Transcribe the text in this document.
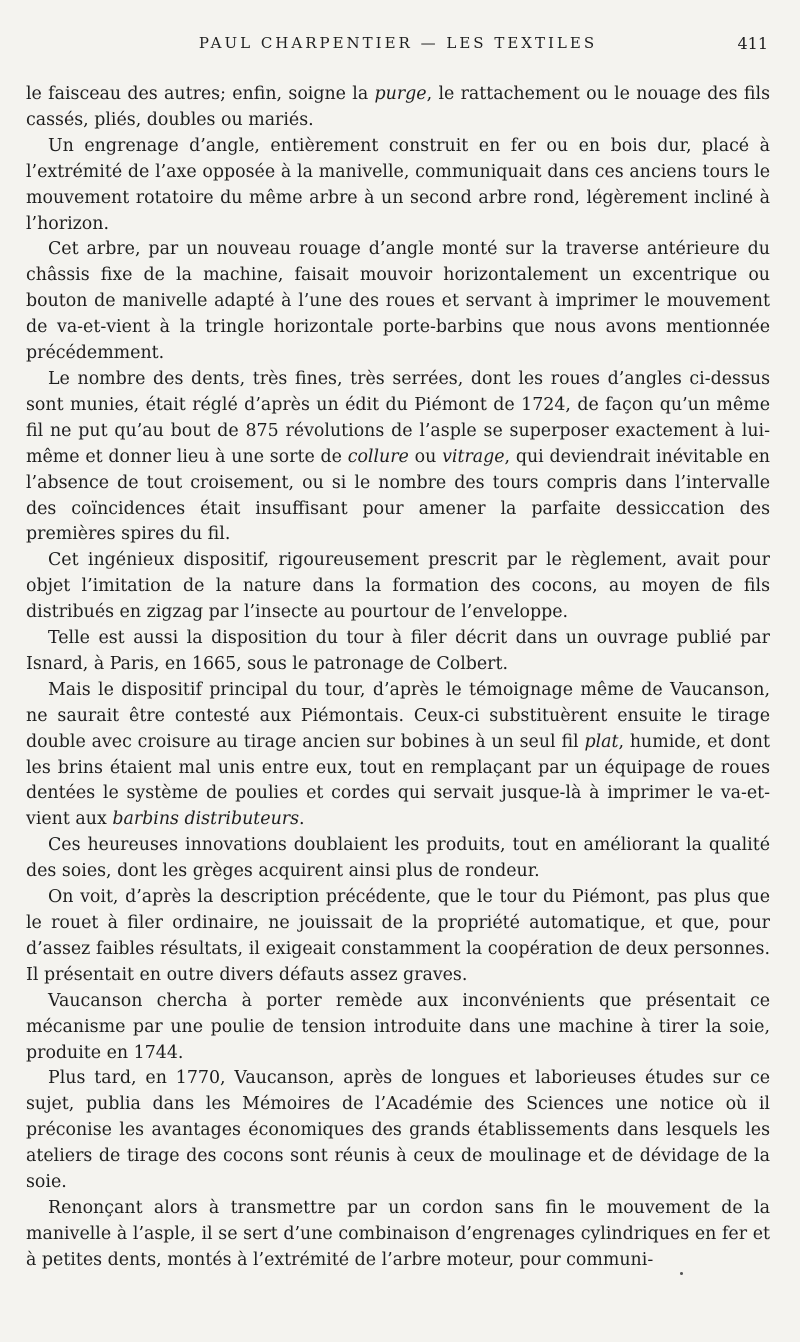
PAUL CHARPENTIER — LES TEXTILES	411

le faisceau des autres; enfin, soigne la purge, le rattachement ou le nouage des fils cassés, pliés, doubles ou mariés.

Un engrenage d’angle, entièrement construit en fer ou en bois dur, placé à l’extrémité de l’axe opposée à la manivelle, communiquait dans ces anciens tours le mouvement rotatoire du même arbre à un second arbre rond, légèrement incliné à l’horizon.

Cet arbre, par un nouveau rouage d’angle monté sur la traverse antérieure du châssis fixe de la machine, faisait mouvoir horizontalement un excentrique ou bouton de manivelle adapté à l’une des roues et servant à imprimer le mouvement de va-et-vient à la tringle horizontale porte-barbins que nous avons mentionnée précédemment.

Le nombre des dents, très fines, très serrées, dont les roues d’angles ci-dessus sont munies, était réglé d’après un édit du Piémont de 1724, de façon qu’un même fil ne put qu’au bout de 875 révolutions de l’asple se superposer exactement à lui-même et donner lieu à une sorte de collure ou vitrage, qui deviendrait inévitable en l’absence de tout croisement, ou si le nombre des tours compris dans l’intervalle des coïncidences était insuffisant pour amener la parfaite dessiccation des premières spires du fil.

Cet ingénieux dispositif, rigoureusement prescrit par le règlement, avait pour objet l’imitation de la nature dans la formation des cocons, au moyen de fils distribués en zigzag par l’insecte au pourtour de l’enveloppe.

Telle est aussi la disposition du tour à filer décrit dans un ouvrage publié par Isnard, à Paris, en 1665, sous le patronage de Colbert.

Mais le dispositif principal du tour, d’après le témoignage même de Vaucanson, ne saurait être contesté aux Piémontais. Ceux-ci substituèrent ensuite le tirage double avec croisure au tirage ancien sur bobines à un seul fil plat, humide, et dont les brins étaient mal unis entre eux, tout en remplaçant par un équipage de roues dentées le système de poulies et cordes qui servait jusque-là à imprimer le va-et-vient aux barbins distributeurs.

Ces heureuses innovations doublaient les produits, tout en améliorant la qualité des soies, dont les grèges acquirent ainsi plus de rondeur.

On voit, d’après la description précédente, que le tour du Piémont, pas plus que le rouet à filer ordinaire, ne jouissait de la propriété automatique, et que, pour d’assez faibles résultats, il exigeait constamment la coopération de deux personnes. Il présentait en outre divers défauts assez graves.

Vaucanson chercha à porter remède aux inconvénients que présentait ce mécanisme par une poulie de tension introduite dans une machine à tirer la soie, produite en 1744.

Plus tard, en 1770, Vaucanson, après de longues et laborieuses études sur ce sujet, publia dans les Mémoires de l’Académie des Sciences une notice où il préconise les avantages économiques des grands établissements dans lesquels les ateliers de tirage des cocons sont réunis à ceux de moulinage et de dévidage de la soie.

Renonçant alors à transmettre par un cordon sans fin le mouvement de la manivelle à l’asple, il se sert d’une combinaison d’engrenages cylindriques en fer et à petites dents, montés à l’extrémité de l’arbre moteur, pour communi-
